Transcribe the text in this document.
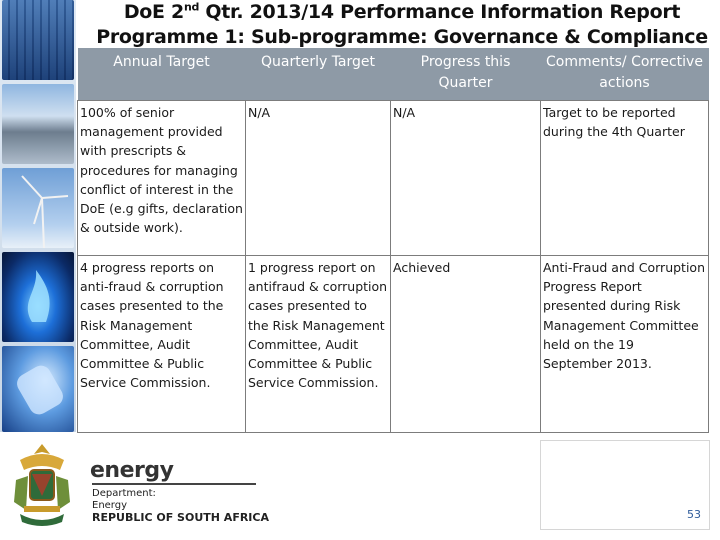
DoE 2nd Qtr. 2013/14 Performance Information Report
Programme 1: Sub-programme: Governance & Compliance
Annual Target	Quarterly Target	Progress this Quarter	Comments/ Corrective actions
100% of senior management provided with prescripts & procedures for managing conflict of interest in the DoE (e.g gifts, declaration & outside work).	N/A	N/A	Target to be reported during the 4th Quarter
4 progress reports on anti-fraud & corruption cases presented to the Risk Management Committee, Audit Committee & Public Service Commission.	1 progress report on antifraud & corruption cases presented to the Risk Management Committee, Audit Committee & Public Service Commission.	Achieved	Anti-Fraud and Corruption Progress Report presented during Risk Management Committee held on the 19 September 2013.
energy
Department:
Energy
REPUBLIC OF SOUTH AFRICA	53
